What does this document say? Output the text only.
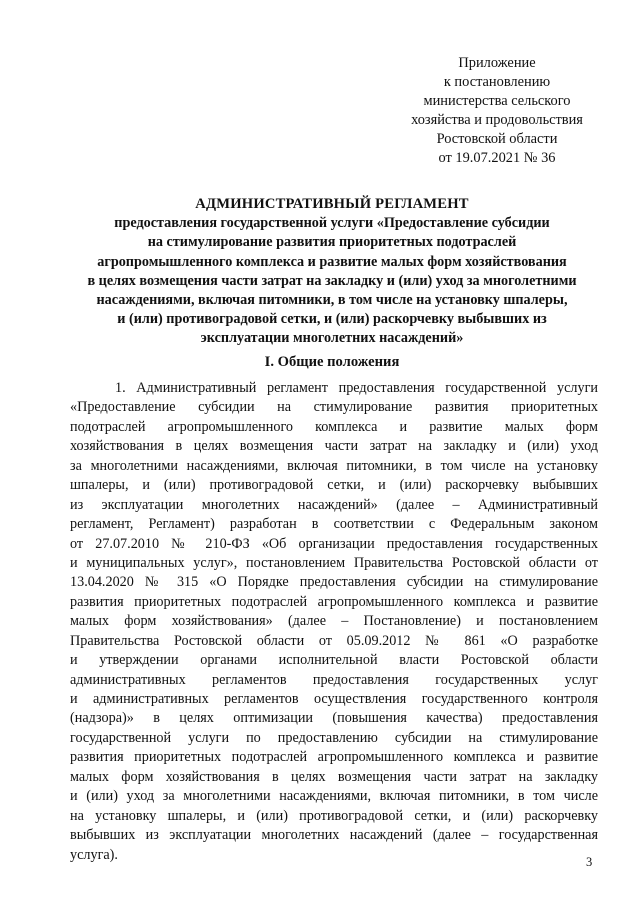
Приложение
к постановлению
министерства сельского
хозяйства и продовольствия
Ростовской области
от 19.07.2021 № 36
АДМИНИСТРАТИВНЫЙ РЕГЛАМЕНТ
предоставления государственной услуги «Предоставление субсидии
на стимулирование развития приоритетных подотраслей
агропромышленного комплекса и развитие малых форм хозяйствования
в целях возмещения части затрат на закладку и (или) уход за многолетними
насаждениями, включая питомники, в том числе на установку шпалеры,
и (или) противоградовой сетки, и (или) раскорчевку выбывших из
эксплуатации многолетних насаждений»
I. Общие положения
1. Административный регламент предоставления государственной услуги
«Предоставление субсидии на стимулирование развития приоритетных
подотраслей агропромышленного комплекса и развитие малых форм
хозяйствования в целях возмещения части затрат на закладку и (или) уход
за многолетними насаждениями, включая питомники, в том числе на установку
шпалеры, и (или) противоградовой сетки, и (или) раскорчевку выбывших
из эксплуатации многолетних насаждений» (далее – Административный
регламент, Регламент) разработан в соответствии с Федеральным законом
от 27.07.2010 № 210-ФЗ «Об организации предоставления государственных
и муниципальных услуг», постановлением Правительства Ростовской области от
13.04.2020 № 315 «О Порядке предоставления субсидии на стимулирование
развития приоритетных подотраслей агропромышленного комплекса и развитие
малых форм хозяйствования» (далее – Постановление) и постановлением
Правительства Ростовской области от 05.09.2012 № 861 «О разработке
и утверждении органами исполнительной власти Ростовской области
административных регламентов предоставления государственных услуг
и административных регламентов осуществления государственного контроля
(надзора)» в целях оптимизации (повышения качества) предоставления
государственной услуги по предоставлению субсидии на стимулирование
развития приоритетных подотраслей агропромышленного комплекса и развитие
малых форм хозяйствования в целях возмещения части затрат на закладку
и (или) уход за многолетними насаждениями, включая питомники, в том числе
на установку шпалеры, и (или) противоградовой сетки, и (или) раскорчевку
выбывших из эксплуатации многолетних насаждений (далее – государственная
услуга).	3
